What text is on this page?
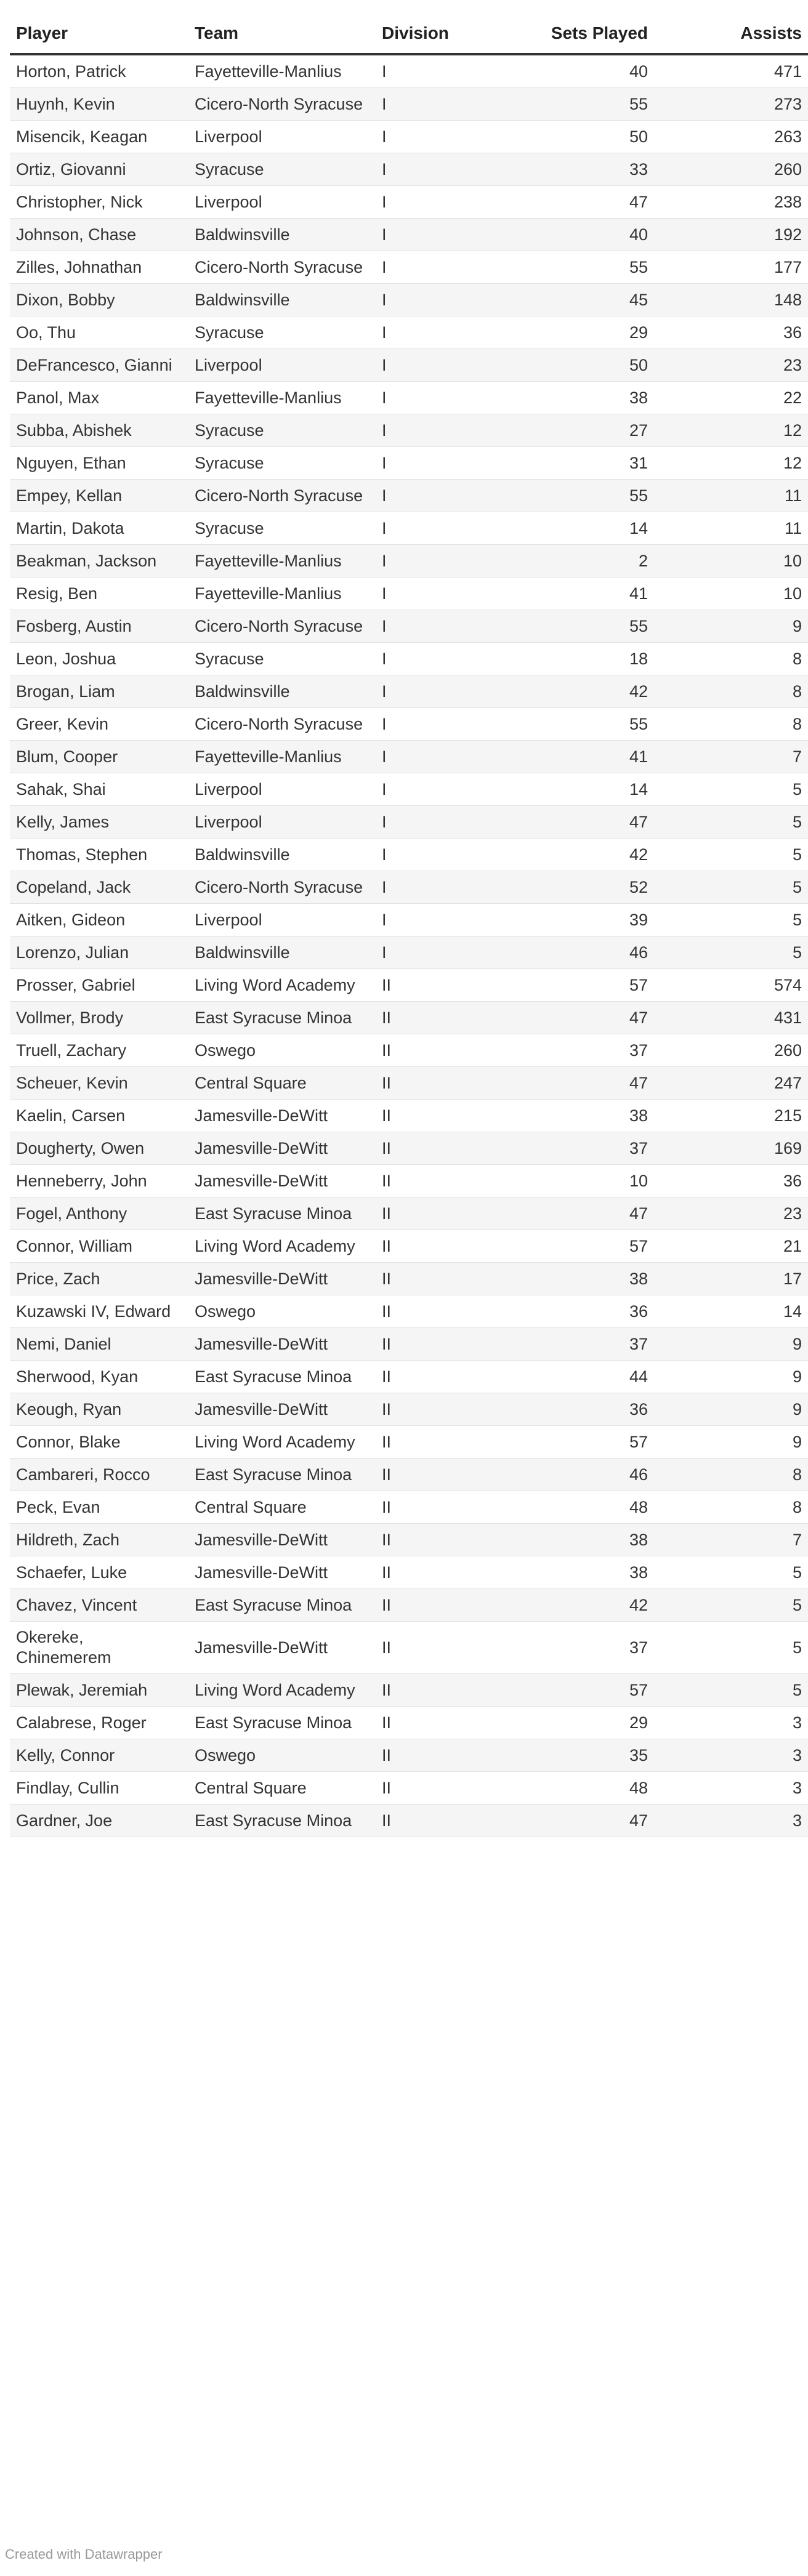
Player	Team	Division	Sets Played	Assists
Horton, Patrick	Fayetteville-Manlius	I	40	471
Huynh, Kevin	Cicero-North Syracuse	I	55	273
Misencik, Keagan	Liverpool	I	50	263
Ortiz, Giovanni	Syracuse	I	33	260
Christopher, Nick	Liverpool	I	47	238
Johnson, Chase	Baldwinsville	I	40	192
Zilles, Johnathan	Cicero-North Syracuse	I	55	177
Dixon, Bobby	Baldwinsville	I	45	148
Oo, Thu	Syracuse	I	29	36
DeFrancesco, Gianni	Liverpool	I	50	23
Panol, Max	Fayetteville-Manlius	I	38	22
Subba, Abishek	Syracuse	I	27	12
Nguyen, Ethan	Syracuse	I	31	12
Empey, Kellan	Cicero-North Syracuse	I	55	11
Martin, Dakota	Syracuse	I	14	11
Beakman, Jackson	Fayetteville-Manlius	I	2	10
Resig, Ben	Fayetteville-Manlius	I	41	10
Fosberg, Austin	Cicero-North Syracuse	I	55	9
Leon, Joshua	Syracuse	I	18	8
Brogan, Liam	Baldwinsville	I	42	8
Greer, Kevin	Cicero-North Syracuse	I	55	8
Blum, Cooper	Fayetteville-Manlius	I	41	7
Sahak, Shai	Liverpool	I	14	5
Kelly, James	Liverpool	I	47	5
Thomas, Stephen	Baldwinsville	I	42	5
Copeland, Jack	Cicero-North Syracuse	I	52	5
Aitken, Gideon	Liverpool	I	39	5
Lorenzo, Julian	Baldwinsville	I	46	5
Prosser, Gabriel	Living Word Academy	II	57	574
Vollmer, Brody	East Syracuse Minoa	II	47	431
Truell, Zachary	Oswego	II	37	260
Scheuer, Kevin	Central Square	II	47	247
Kaelin, Carsen	Jamesville-DeWitt	II	38	215
Dougherty, Owen	Jamesville-DeWitt	II	37	169
Henneberry, John	Jamesville-DeWitt	II	10	36
Fogel, Anthony	East Syracuse Minoa	II	47	23
Connor, William	Living Word Academy	II	57	21
Price, Zach	Jamesville-DeWitt	II	38	17
Kuzawski IV, Edward	Oswego	II	36	14
Nemi, Daniel	Jamesville-DeWitt	II	37	9
Sherwood, Kyan	East Syracuse Minoa	II	44	9
Keough, Ryan	Jamesville-DeWitt	II	36	9
Connor, Blake	Living Word Academy	II	57	9
Cambareri, Rocco	East Syracuse Minoa	II	46	8
Peck, Evan	Central Square	II	48	8
Hildreth, Zach	Jamesville-DeWitt	II	38	7
Schaefer, Luke	Jamesville-DeWitt	II	38	5
Chavez, Vincent	East Syracuse Minoa	II	42	5
Okereke, Chinemerem	Jamesville-DeWitt	II	37	5
Plewak, Jeremiah	Living Word Academy	II	57	5
Calabrese, Roger	East Syracuse Minoa	II	29	3
Kelly, Connor	Oswego	II	35	3
Findlay, Cullin	Central Square	II	48	3
Gardner, Joe	East Syracuse Minoa	II	47	3
Created with Datawrapper
